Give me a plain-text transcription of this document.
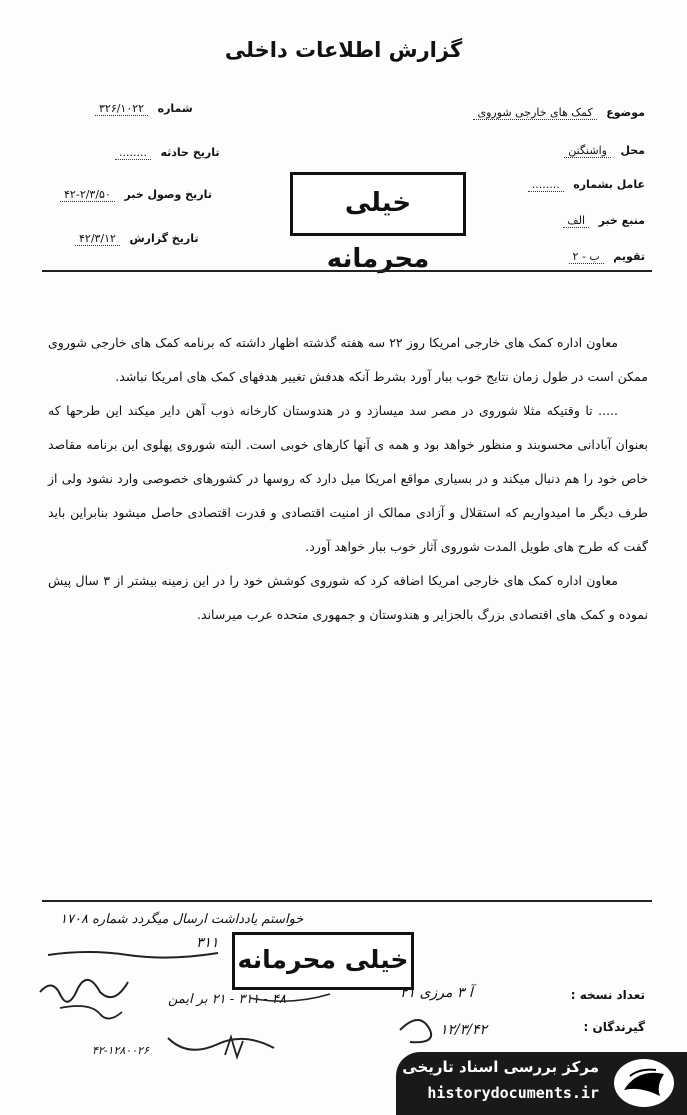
گزارش اطلاعات داخلی
شماره ۳۲۶/۱۰۲۲
تاریخ حادثه ........
تاریخ وصول خبر ۲/۳/۵۰-۴۲
تاریخ گزارش ۴۲/۳/۱۲
موضوع کمک های خارجی شوروی
محل واشنگتن
عامل بشماره ........
منبع خبر الف
تقویم ب - ۲
خیلی محرمانه

معاون اداره کمک های خارجی امریکا روز ۲۲ سه هفته گذشته اظهار داشته که برنامه کمک های خارجی شوروی ممکن است در طول زمان نتایج خوب ببار آورد بشرط آنکه هدفش تغییر هدفهای کمک های امریکا نباشد.

..... تا وقتیکه مثلا شوروی در مصر سد میسازد و در هندوستان کارخانه ذوب آهن دایر میکند این طرحها که بعنوان آبادانی محسوبند و منظور خواهد بود و همه ی آنها کارهای خوبی است. البته شوروی پهلوی این برنامه مقاصد خاص خود را هم دنبال میکند و در بسیاری مواقع امریکا میل دارد که روسها در کشورهای خصوصی وارد نشود ولی از طرف دیگر ما امیدواریم که استقلال و آزادی ممالک از امنیت اقتصادی و قدرت اقتصادی حاصل میشود بنابراین باید گفت که طرح های طویل المدت شوروی آثار خوب ببار خواهد آورد.

معاون اداره کمک های خارجی امریکا اضافه کرد که شوروی کوشش خود را در این زمینه بیشتر از ۳ سال پیش نموده و کمک های اقتصادی بزرگ بالجزایر و هندوستان و جمهوری متحده عرب میرساند.

خواستم یادداشت ارسال میگردد شماره ۱۷۰۸
۳۱۱
خیلی محرمانه
تعداد نسخه :
گیرندگان :
آ ۳ مرزی ۲۱
۱۲/۳/۴۲
۴۸ - ۳۱۱ - ۲۱ بر ایمن
۴۲-۱۲۸۰۰۲۶
مرکز بررسی اسناد تاریخی
historydocuments.ir
